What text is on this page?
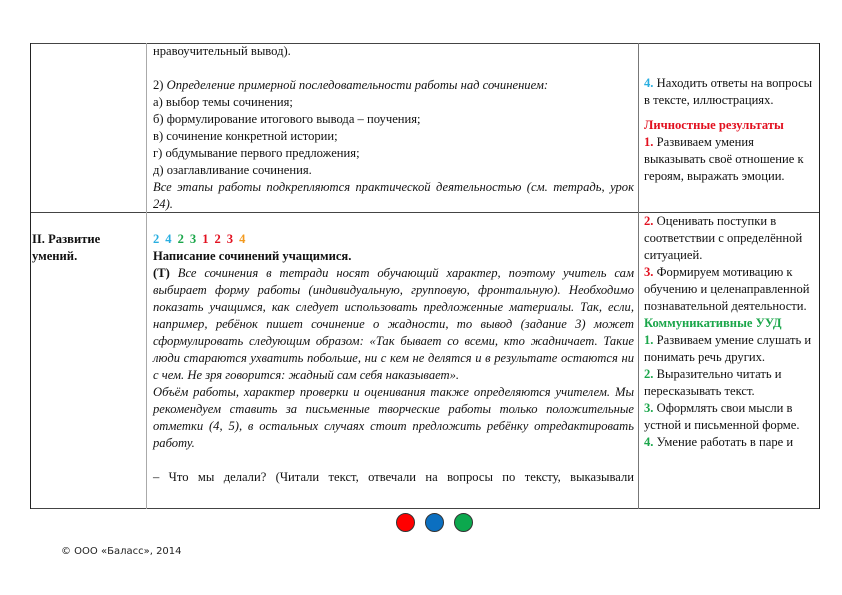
нравоучительный вывод).
2) Определение примерной последовательности работы над сочинением:
а) выбор темы сочинения;
б) формулирование итогового вывода – поучения;
в) сочинение конкретной истории;
г) обдумывание первого предложения;
д) озаглавливание сочинения.
Все этапы работы подкрепляются практической деятельностью (см. тетрадь, урок 24).
4. Находить ответы на вопросы в тексте, иллюстрациях.
Личностные результаты
1. Развиваем умения выказывать своё отношение к героям, выражать эмоции.
II. Развитие умений.
2 4 2 3 1 2 3 4
Написание сочинений учащимися.
(Т) Все сочинения в тетради носят обучающий характер, поэтому учитель сам выбирает форму работы (индивидуальную, групповую, фронтальную). Необходимо показать учащимся, как следует использовать предложенные материалы. Так, если, например, ребёнок пишет сочинение о жадности, то вывод (задание 3) может сформулировать следующим образом: «Так бывает со всеми, кто жадничает. Такие люди стараются ухватить побольше, ни с кем не делятся и в результате остаются ни с чем. Не зря говорится: жадный сам себя наказывает».
Объём работы, характер проверки и оценивания также определяются учителем. Мы рекомендуем ставить за письменные творческие работы только положительные отметки (4, 5), в остальных случаях стоит предложить ребёнку отредактировать работу.
– Что мы делали? (Читали текст, отвечали на вопросы по тексту, выказывали
2. Оценивать поступки в соответствии с определённой ситуацией.
3. Формируем мотивацию к обучению и целенаправленной познавательной деятельности.
Коммуникативные УУД
1. Развиваем умение слушать и понимать речь других.
2. Выразительно читать и пересказывать текст.
3. Оформлять свои мысли в устной и письменной форме.
4. Умение работать в паре и
© ООО «Баласс», 2014
